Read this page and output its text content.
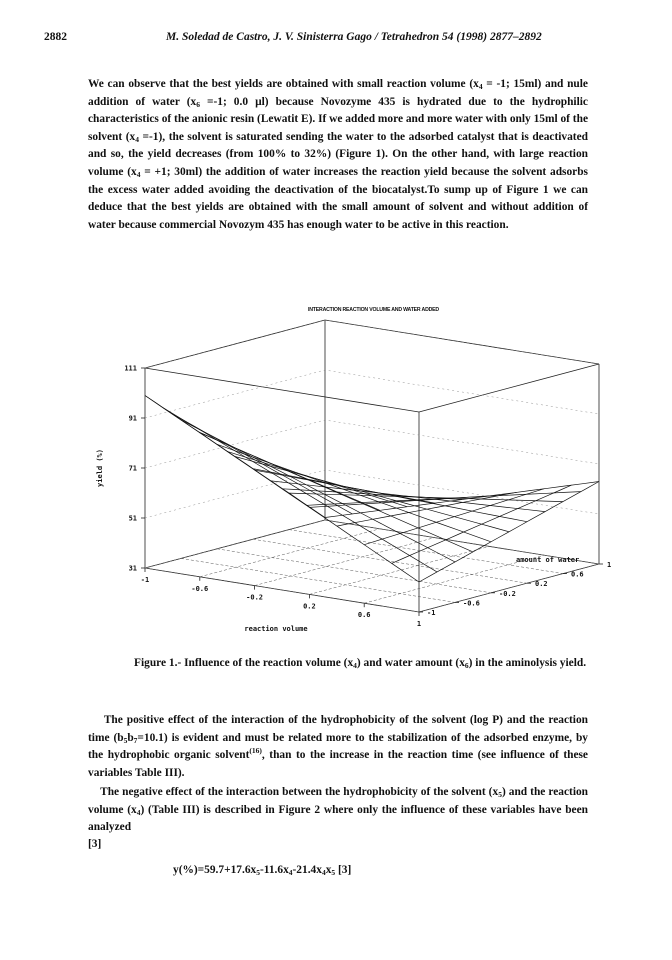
2882	M. Soledad de Castro, J. V. Sinisterra Gago / Tetrahedron 54 (1998) 2877–2892
We can observe that the best yields are obtained with small reaction volume ($x_4 = -1$; 15ml) and nule addition of water ($x_6 =-1$; 0.0 µl) because Novozyme 435 is hydrated due to the hydrophilic characteristics of the anionic resin (Lewatit E). If we added more and more water with only 15ml of the solvent $(x_4 =-1)$, the solvent is saturated sending the water to the adsorbed catalyst that is deactivated and so, the yield decreases (from 100% to 32%) (Figure 1). On the other hand, with large reaction volume ($x_4 = +1$; 30ml) the addition of water increases the reaction yield because the solvent adsorbs the excess water added avoiding the deactivation of the biocatalyst.To sump up of Figure 1 we can deduce that the best yields are obtained with the small amount of solvent and without addition of water because commercial Novozym 435 has enough water to be active in this reaction.
111
91
71
51
31
-1
-0.6
-0.2
0.2
0.6
1
-1
-0.6
-0.2
0.2
0.6
1
INTERACTION REACTION VOLUME AND WATER ADDED
yield (%)
reaction volume
amount of water
Figure 1.- Influence of the reaction volume $(x_4)$ and water amount $(x_6)$ in the aminolysis yield.
The positive effect of the interaction of the hydrophobicity of the solvent (log P) and the reaction time $(b_5b_7=10.1)$ is evident and must be related more to the stabilization of the adsorbed enzyme, by the hydrophobic organic solvent$^{(16)}$, than to the increase in the reaction time (see influence of these variables Table III).
The negative effect of the interaction between the hydrophobicity of the solvent $(x_5)$ and the reaction volume $(x_4)$ (Table III) is described in Figure 2 where only the influence of these variables have been analyzed
[3]
$y(\%)=59.7+17.6x_5-11.6x_4-21.4x_4x_5$ [3]
